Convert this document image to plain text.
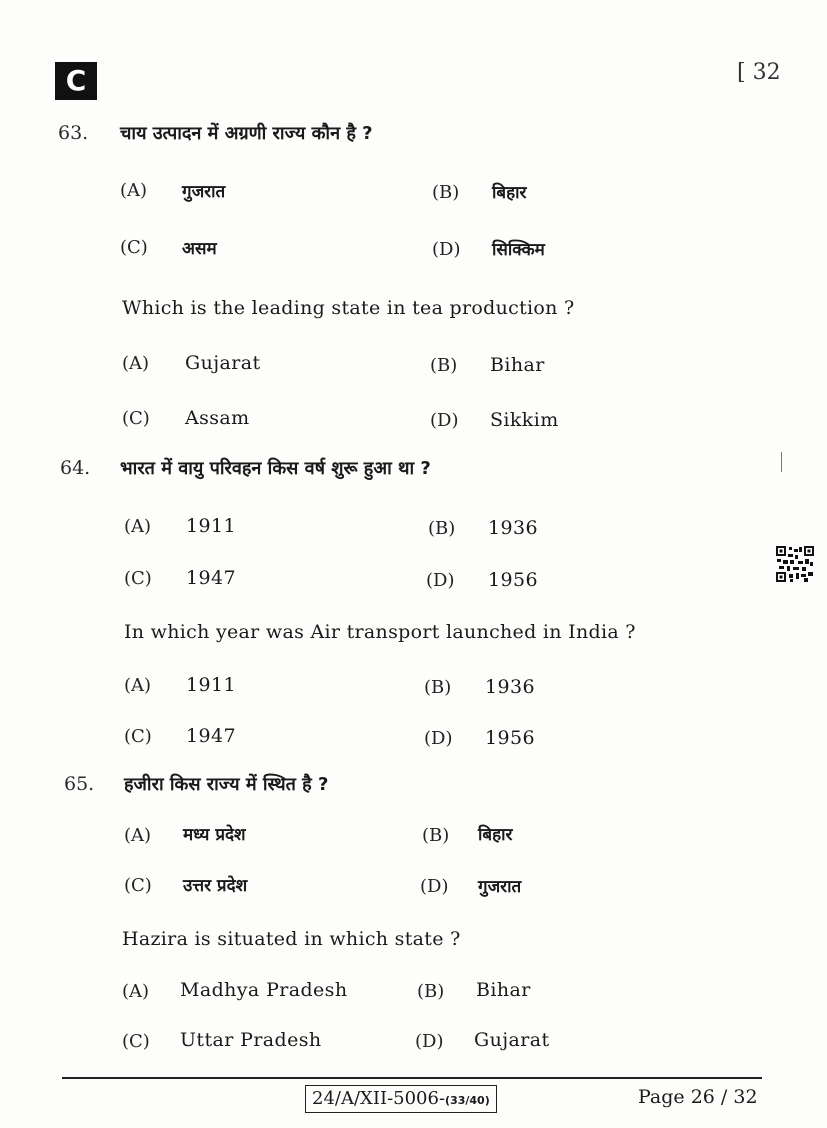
C	[ 32
63. चाय उत्पादन में अग्रणी राज्य कौन है ?
(A) गुजरात	(B) बिहार
(C) असम	(D) सिक्किम
Which is the leading state in tea production ?
(A) Gujarat	(B) Bihar
(C) Assam	(D) Sikkim
64. भारत में वायु परिवहन किस वर्ष शुरू हुआ था ?
(A) 1911	(B) 1936
(C) 1947	(D) 1956
In which year was Air transport launched in India ?
(A) 1911	(B) 1936
(C) 1947	(D) 1956
65. हजीरा किस राज्य में स्थित है ?
(A) मध्य प्रदेश	(B) बिहार
(C) उत्तर प्रदेश	(D) गुजरात
Hazira is situated in which state ?
(A) Madhya Pradesh	(B) Bihar
(C) Uttar Pradesh	(D) Gujarat
24/A/XII-5006-(33/40)	Page 26 / 32
